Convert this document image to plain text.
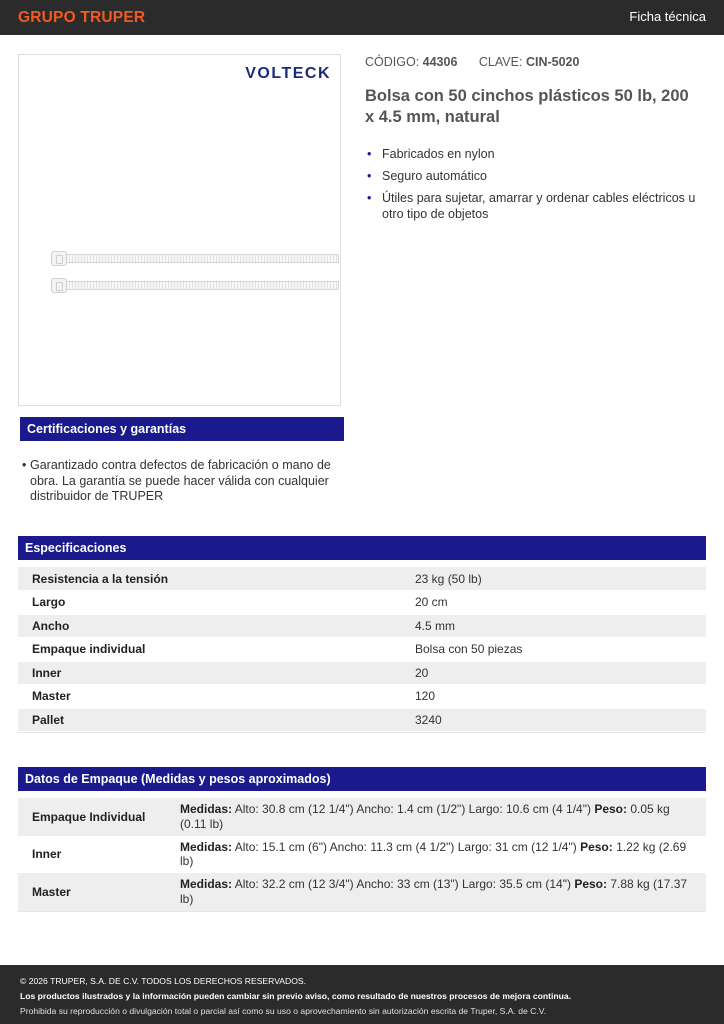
GRUPO TRUPER	Ficha técnica
VOLTECK
CÓDIGO: 44306 CLAVE: CIN-5020
Bolsa con 50 cinchos plásticos 50 lb, 200 x 4.5 mm, natural
• Fabricados en nylon
• Seguro automático
• Útiles para sujetar, amarrar y ordenar cables eléctricos u otro tipo de objetos
Certificaciones y garantías
• Garantizado contra defectos de fabricación o mano de obra. La garantía se puede hacer válida con cualquier distribuidor de TRUPER
Especificaciones
Resistencia a la tensión	23 kg (50 lb)
Largo	20 cm
Ancho	4.5 mm
Empaque individual	Bolsa con 50 piezas
Inner	20
Master	120
Pallet	3240
Datos de Empaque (Medidas y pesos aproximados)
Empaque Individual	Medidas: Alto: 30.8 cm (12 1/4") Ancho: 1.4 cm (1/2") Largo: 10.6 cm (4 1/4") Peso: 0.05 kg (0.11 lb)
Inner	Medidas: Alto: 15.1 cm (6") Ancho: 11.3 cm (4 1/2") Largo: 31 cm (12 1/4") Peso: 1.22 kg (2.69 lb)
Master	Medidas: Alto: 32.2 cm (12 3/4") Ancho: 33 cm (13") Largo: 35.5 cm (14") Peso: 7.88 kg (17.37 lb)

© 2026 TRUPER, S.A. DE C.V. TODOS LOS DERECHOS RESERVADOS.

Los productos ilustrados y la información pueden cambiar sin previo aviso, como resultado de nuestros procesos de mejora continua.

Prohibida su reproducción o divulgación total o parcial así como su uso o aprovechamiento sin autorización escrita de Truper, S.A. de C.V.
